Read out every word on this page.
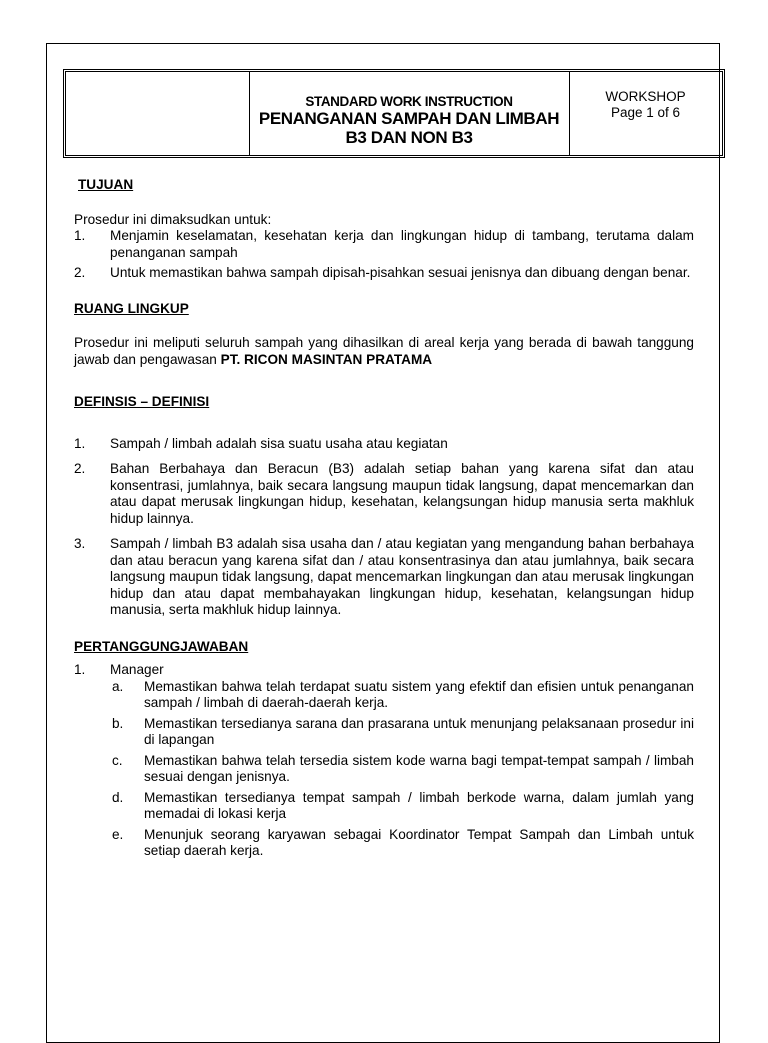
STANDARD WORK INSTRUCTION
PENANGANAN SAMPAH DAN LIMBAH
B3 DAN NON B3
WORKSHOP
Page 1 of 6
TUJUAN
Prosedur ini dimaksudkan untuk:
1. Menjamin keselamatan, kesehatan kerja dan lingkungan hidup di tambang, terutama dalam penanganan sampah
2. Untuk memastikan bahwa sampah dipisah-pisahkan sesuai jenisnya dan dibuang dengan benar.
RUANG LINGKUP
Prosedur ini meliputi seluruh sampah yang dihasilkan di areal kerja yang berada di bawah tanggung jawab dan pengawasan PT. RICON MASINTAN PRATAMA
DEFINSIS – DEFINISI
1. Sampah / limbah adalah sisa suatu usaha atau kegiatan
2. Bahan Berbahaya dan Beracun (B3) adalah setiap bahan yang karena sifat dan atau konsentrasi, jumlahnya, baik secara langsung maupun tidak langsung, dapat mencemarkan dan atau dapat merusak lingkungan hidup, kesehatan, kelangsungan hidup manusia serta makhluk hidup lainnya.
3. Sampah / limbah B3 adalah sisa usaha dan / atau kegiatan yang mengandung bahan berbahaya dan atau beracun yang karena sifat dan / atau konsentrasinya dan atau jumlahnya, baik secara langsung maupun tidak langsung, dapat mencemarkan lingkungan dan atau merusak lingkungan hidup dan atau dapat membahayakan lingkungan hidup, kesehatan, kelangsungan hidup manusia, serta makhluk hidup lainnya.
PERTANGGUNGJAWABAN
1. Manager
a. Memastikan bahwa telah terdapat suatu sistem yang efektif dan efisien untuk penanganan sampah / limbah di daerah-daerah kerja.
b. Memastikan tersedianya sarana dan prasarana untuk menunjang pelaksanaan prosedur ini di lapangan
c. Memastikan bahwa telah tersedia sistem kode warna bagi tempat-tempat sampah / limbah sesuai dengan jenisnya.
d. Memastikan tersedianya tempat sampah / limbah berkode warna, dalam jumlah yang memadai di lokasi kerja
e. Menunjuk seorang karyawan sebagai Koordinator Tempat Sampah dan Limbah untuk setiap daerah kerja.
